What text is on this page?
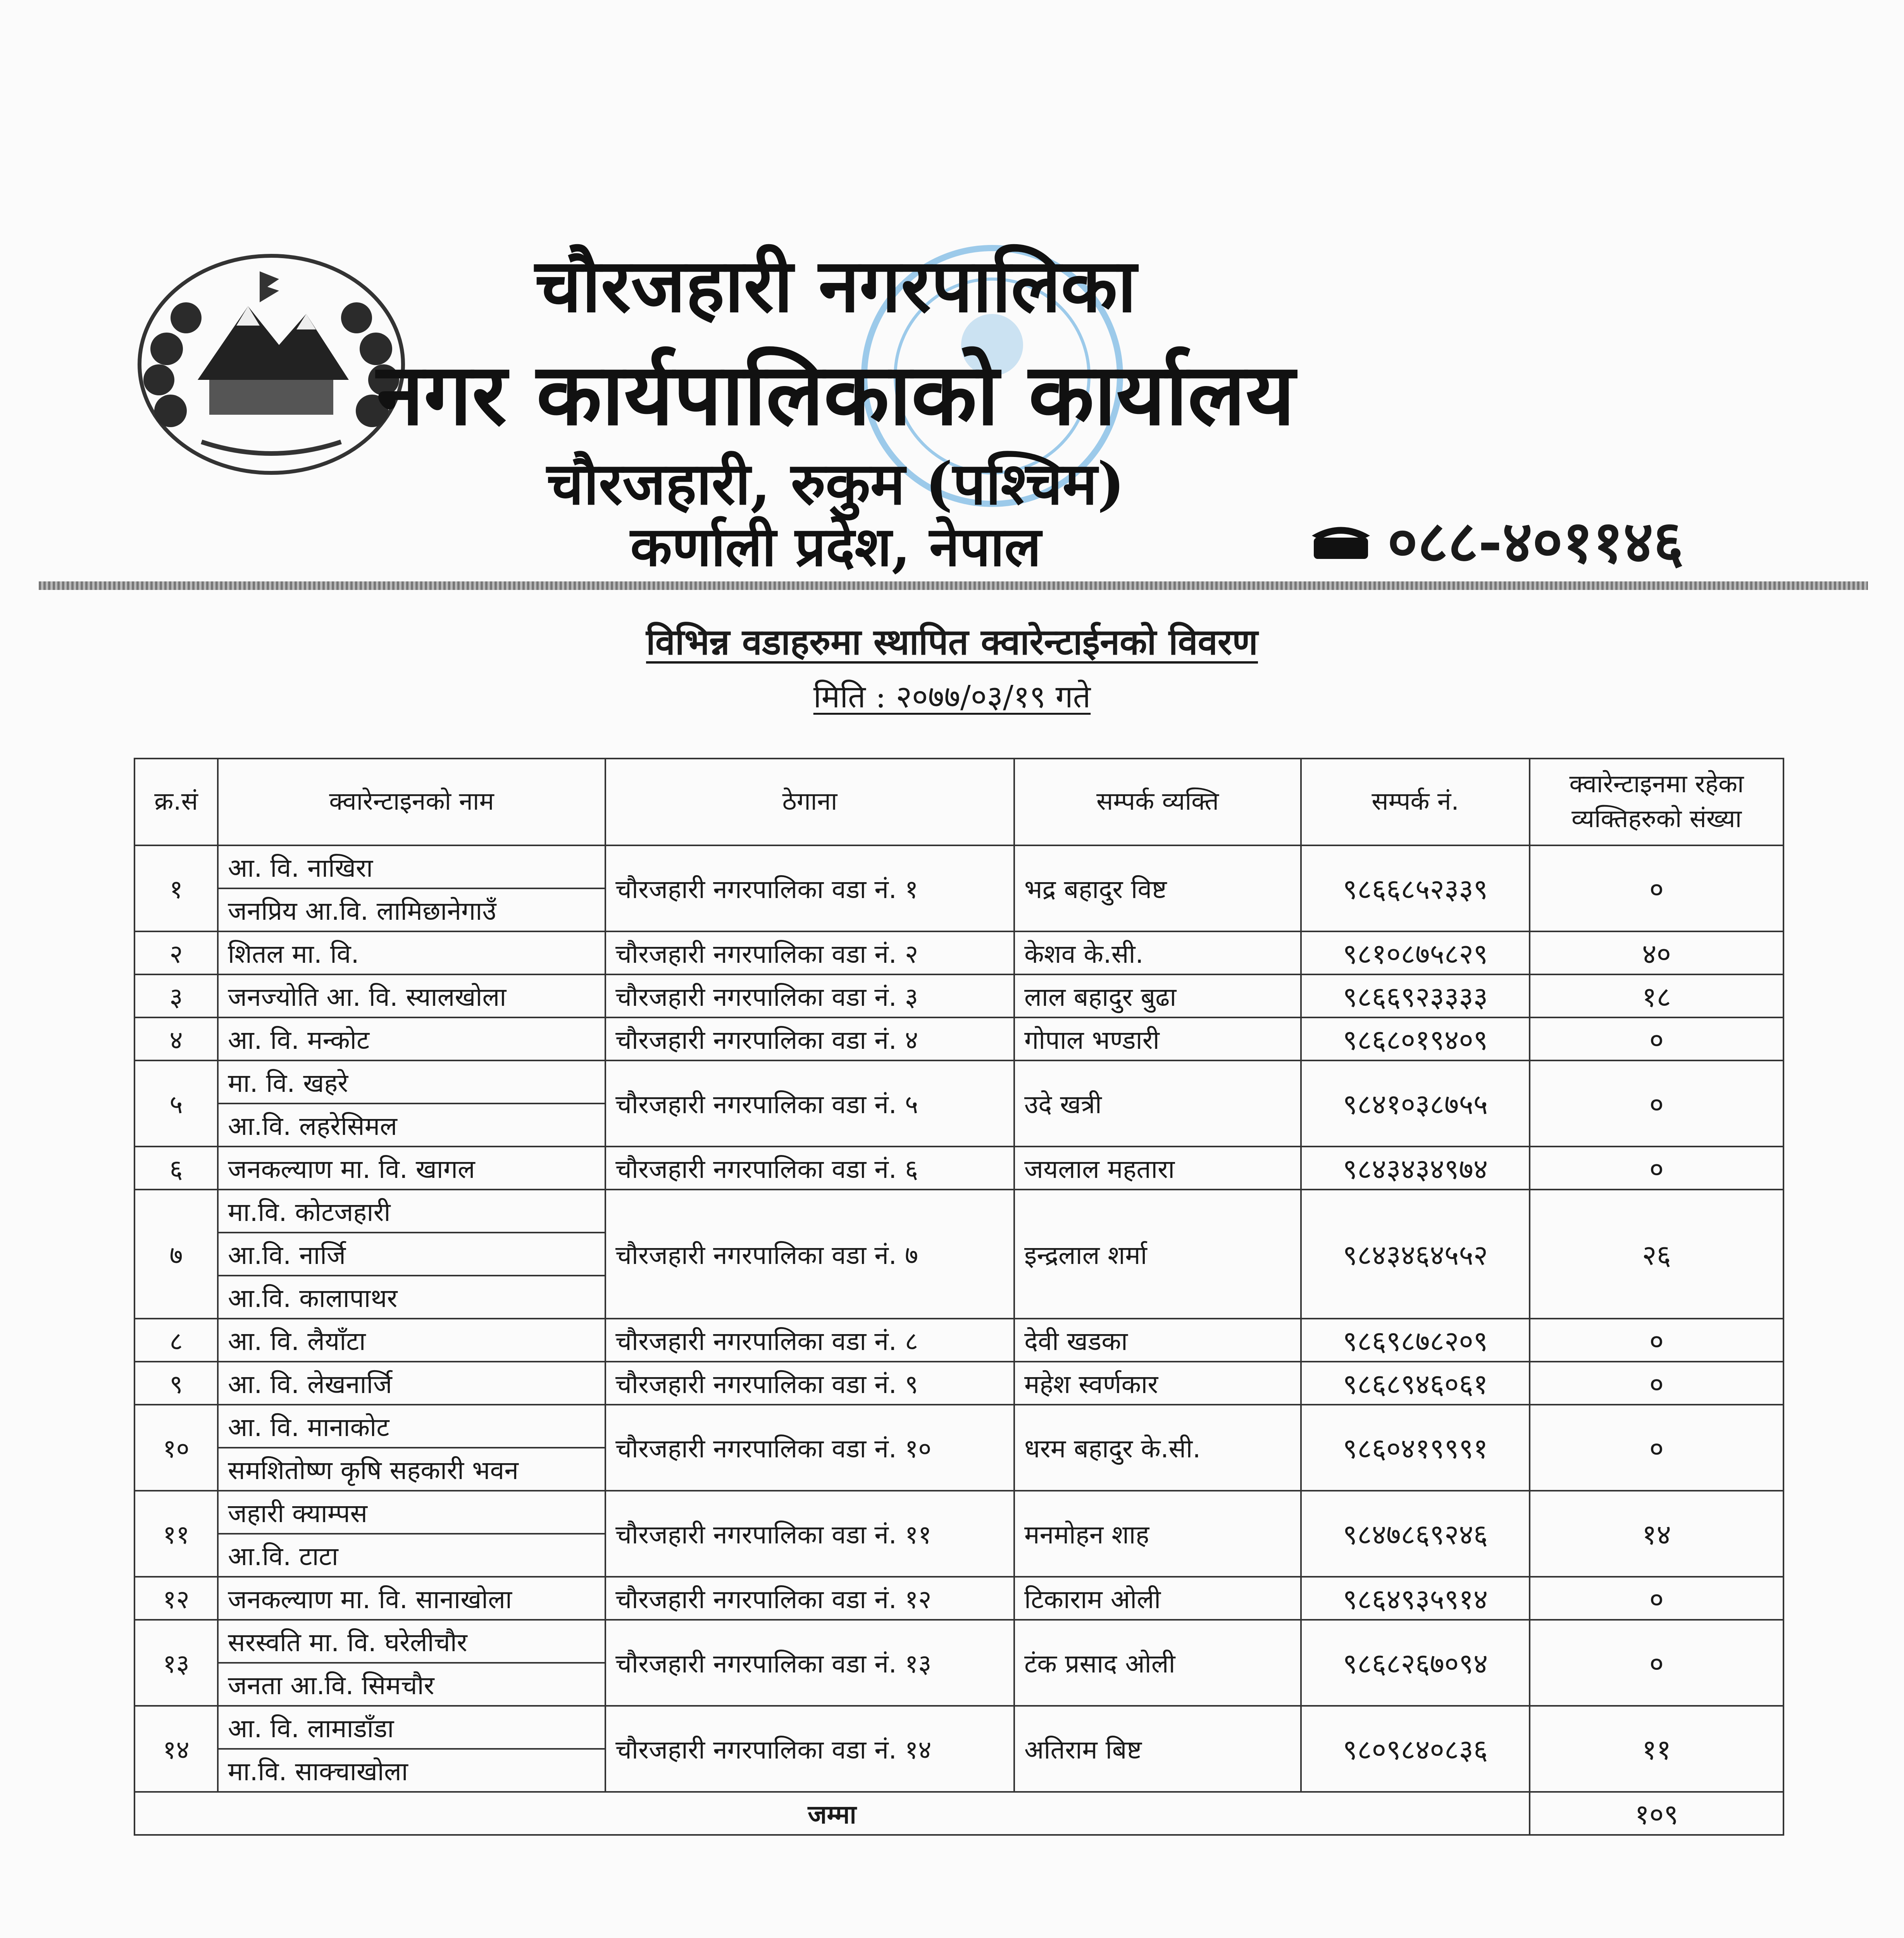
चौरजहारी नगरपालिका
नगर कार्यपालिकाको कार्यालय
चौरजहारी, रुकुम (पश्चिम)
कर्णाली प्रदेश, नेपाल	०८८-४०११४६
विभिन्न वडाहरुमा स्थापित क्वारेन्टाईनको विवरण
मिति : २०७७/०३/१९ गते
क्र.सं	क्वारेन्टाइनको नाम	ठेगाना	सम्पर्क व्यक्ति	सम्पर्क नं.	क्वारेन्टाइनमा रहेका व्यक्तिहरुको संख्या
१	आ. वि. नाखिरा	चौरजहारी नगरपालिका वडा नं. १	भद्र बहादुर विष्ट	९८६६८५२३३९	०
	जनप्रिय आ.वि. लामिछानेगाउँ				
२	शितल मा. वि.	चौरजहारी नगरपालिका वडा नं. २	केशव के.सी.	९८१०८७५८२९	४०
३	जनज्योति आ. वि. स्यालखोला	चौरजहारी नगरपालिका वडा नं. ३	लाल बहादुर बुढा	९८६६९२३३३३	१८
४	आ. वि. मन्कोट	चौरजहारी नगरपालिका वडा नं. ४	गोपाल भण्डारी	९८६८०१९४०९	०
५	मा. वि. खहरे	चौरजहारी नगरपालिका वडा नं. ५	उदे खत्री	९८४१०३८७५५	०
	आ.वि. लहरेसिमल				
६	जनकल्याण मा. वि. खागल	चौरजहारी नगरपालिका वडा नं. ६	जयलाल महतारा	९८४३४३४९७४	०
७	मा.वि. कोटजहारी	चौरजहारी नगरपालिका वडा नं. ७	इन्द्रलाल शर्मा	९८४३४६४५५२	२६
	आ.वि. नार्जि				
	आ.वि. कालापाथर				
८	आ. वि. लैयाँटा	चौरजहारी नगरपालिका वडा नं. ८	देवी खडका	९८६९८७८२०९	०
९	आ. वि. लेखनार्जि	चौरजहारी नगरपालिका वडा नं. ९	महेश स्वर्णकार	९८६८९४६०६१	०
१०	आ. वि. मानाकोट	चौरजहारी नगरपालिका वडा नं. १०	धरम बहादुर के.सी.	९८६०४१९९९१	०
	समशितोष्ण कृषि सहकारी भवन				
११	जहारी क्याम्पस	चौरजहारी नगरपालिका वडा नं. ११	मनमोहन शाह	९८४७८६९२४६	१४
	आ.वि. टाटा				
१२	जनकल्याण मा. वि. सानाखोला	चौरजहारी नगरपालिका वडा नं. १२	टिकाराम ओली	९८६४९३५९१४	०
१३	सरस्वति मा. वि. घरेलीचौर	चौरजहारी नगरपालिका वडा नं. १३	टंक प्रसाद ओली	९८६८२६७०९४	०
	जनता आ.वि. सिमचौर				
१४	आ. वि. लामाडाँडा	चौरजहारी नगरपालिका वडा नं. १४	अतिराम बिष्ट	९८०९८४०८३६	११
	मा.वि. साक्चाखोला				
जम्मा					१०९
